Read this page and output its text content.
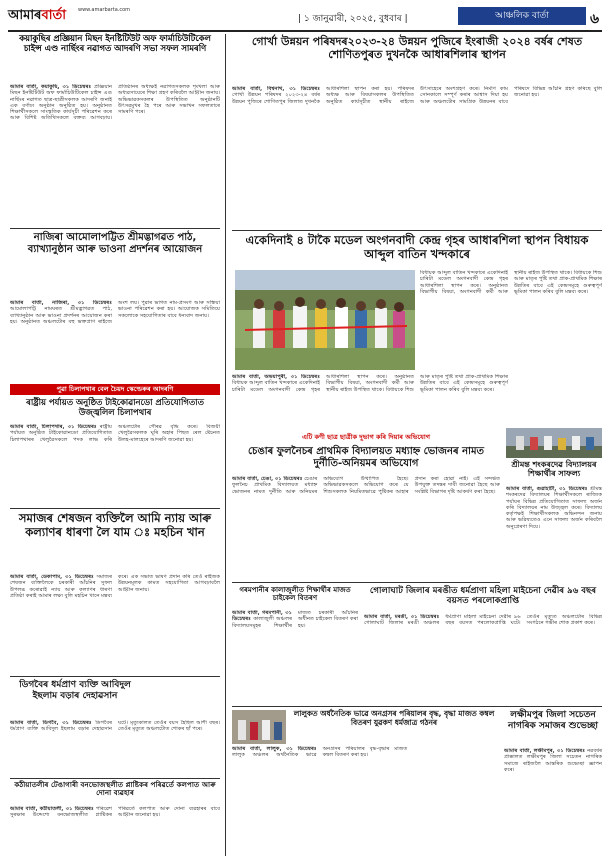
আমাৰবাৰ্তা www.amarbarta.com
| ১ জানুৱাৰী, ২০২৫, বুধবাৰ |	আঞ্চলিক বাৰ্তা	৬
কয়াকুছিৰ প্ৰজ্ঞিয়ান মিছন ইনষ্টিটিউট অফ ফাৰ্মাচিউটিকেল চাইন্স এণ্ড নাৰ্ছিংৰ নৱাগত আদৰণি সভা সফল সামৰণি

আমাৰ বাৰ্তা, কয়াকুছি, ৩১ ডিচেম্বৰঃ প্ৰজ্ঞিয়ান মিছন ইনষ্টিটিউট অফ ফাৰ্মাচিউটিকেল চাইন্স এণ্ড নাৰ্ছিংৰ নৱাগত ছাত্ৰ-ছাত্ৰীসকলক আদৰণি জনাই এক বৰ্ণাঢ্য অনুষ্ঠান অনুষ্ঠিত হয়। অনুষ্ঠানত শিক্ষাৰ্থীসকলে সাংস্কৃতিক কাৰ্যসূচী পৰিৱেশন কৰে আৰু বিশিষ্ট অতিথিসকলে বক্তব্য আগবঢ়ায়। প্ৰতিষ্ঠানৰ অধ্যক্ষই নৱাগতসকলক শৃংখলা আৰু অধ্যৱসায়েৰে শিক্ষা গ্ৰহণ কৰিবলৈ আহ্বান জনায়। অভিভাৱকসকলৰ উপস্থিতিত অনুষ্ঠানটি উৎসৱমুখৰ হৈ পৰে আৰু সভাখন সফলতাৰে সামৰণি পৰে।

নাজিৰা আমোলাপট্টিত শ্ৰীমদ্ভাগৱত পাঠ, ব্যাখ্যানুষ্ঠান আৰু ভাওনা প্ৰদৰ্শনৰ আয়োজন

আমাৰ বাৰ্তা, নাজিৰা, ৩১ ডিচেম্বৰঃ আমোলাপট্টি নামঘৰত শ্ৰীমদ্ভাগৱত পাঠ, ব্যাখ্যানুষ্ঠান আৰু ভাওনা প্ৰদৰ্শনৰ আয়োজন কৰা হয়। অনুষ্ঠানত অঞ্চলটোৰ বহু ভক্তপ্ৰাণ ৰাইজে অংশ লয়। পুৱাৰ ভাগত নাম-প্ৰসংগ আৰু সন্ধিয়া ভাওনা পৰিৱেশন কৰা হয়। আয়োজক সমিতিয়ে সকলোকে সহযোগিতাৰ বাবে ধন্যবাদ জনায়।

পুৱা চিলাপথাৰ বেল চৈয়দ স্কেল্ডেৰুৰ আদৰণি
ৰাষ্ট্ৰীয় পৰ্যায়ত অনুষ্ঠিত টাইকোৱানডো প্ৰতিযোগিতাত উজ্জ্বলিল চিলাপথাৰ

আমাৰ বাৰ্তা, চিলাপথাৰ, ৩১ ডিচেম্বৰঃ ৰাষ্ট্ৰীয় পৰ্যায়ত অনুষ্ঠিত টাইকোৱানডো প্ৰতিযোগিতাত চিলাপথাৰৰ খেলুৱৈসকলে পদক লাভ কৰি অঞ্চলটোৰ গৌৰৱ বৃদ্ধি কৰে। বিজয়ী খেলুৱৈসকলক ঘূৰি অহাৰ পিছত ৰেল ষ্টেচনত উলহ-মালহেৰে আদৰণি জনোৱা হয়।

সমাজৰ শেষজন ব্যক্তিলৈ আমি ন্যায় আৰু কল্যাণৰ ধাৰণা লৈ যাম ঃ মহচিন খান

আমাৰ বাৰ্তা, ডেকাপাম, ৩১ ডিচেম্বৰঃ সমাজৰ শেষজন ব্যক্তিলৈকে চৰকাৰী আঁচনিৰ সুফল উপলব্ধ কৰোৱাই ন্যায় আৰু কল্যাণৰ ধাৰণা প্ৰতিষ্ঠা কৰাই আমাৰ লক্ষ্য বুলি মহচিন খানে মন্তব্য কৰে। এক সভাত ভাষণ প্ৰদান কৰি তেওঁ ৰাইজক উন্নয়নমূলক কামত সহযোগিতা আগবঢ়াবলৈ আহ্বান জনায়।

ডিগবৈৰ ধৰ্মপ্ৰাণ ব্যক্তি আবিদুল ইছলাম বড়াৰ দেহাৱসান

আমাৰ বাৰ্তা, ডিগবৈ, ৩১ ডিচেম্বৰঃ ডিগবৈৰ ধৰ্মপ্ৰাণ ব্যক্তি আবিদুল ইছলাম বড়াৰ দেহাৱসান ঘটে। মৃত্যুকালত তেওঁৰ বয়স হৈছিল আশী বছৰ। তেওঁৰ মৃত্যুত অঞ্চলটোত শোকৰ ছাঁ পৰে।

কঠীয়াতলীৰ টেঙাগাৰী বনভোজস্থলীত প্লাষ্টিকৰ পৰিৱৰ্তে কলপাত আৰু দোনা ব্যৱহাৰ

আমাৰ বাৰ্তা, কঠীয়াতলী, ৩১ ডিচেম্বৰঃ পৰিৱেশ সুৰক্ষাৰ উদ্দেশ্যে বনভোজস্থলীত প্লাষ্টিকৰ পৰিৱৰ্তে কলপাত আৰু দোনা ব্যৱহাৰৰ বাবে আহ্বান জনোৱা হয়।

গোৰ্খা উন্নয়ন পৰিষদৰ২০২৩-২৪ উন্নয়ন পুজিৰে ইংৰাজী ২০২৪ বৰ্ষৰ শেষত শোণিতপুৰত দুখনকৈ আধাৰশিলাৰ স্থাপন

আমাৰ বাৰ্তা, বিশ্বনাথ, ৩১ ডিচেম্বৰঃ গোৰ্খা উন্নয়ন পৰিষদৰ ২০২৩-২৪ বৰ্ষৰ উন্নয়ন পুজিৰে শোণিতপুৰ জিলাত দুখনকৈ আধাৰশিলা স্থাপন কৰা হয়। পৰিষদৰ অধ্যক্ষ আৰু বিষয়াসকলৰ উপস্থিতিত অনুষ্ঠিত কাৰ্যসূচীত স্থানীয় ৰাইজে উৎসাহেৰে অংশগ্ৰহণ কৰে। নিৰ্মাণ কাম সোনকালে সম্পূৰ্ণ কৰাৰ আশ্বাস দিয়া হয় আৰু অঞ্চলটোৰ সামগ্ৰিক উন্নয়নৰ বাবে পৰিষদে বিভিন্ন আঁচনি গ্ৰহণ কৰিছে বুলি জনোৱা হয়।

একেদিনাই ৪ টাকৈ মডেল অংগনবাদী কেন্দ্ৰ গৃহৰ আধাৰশিলা স্থাপন বিধায়ক আব্দুল বাতিন খন্দকাৰে

বিধায়ক আব্দুল বাতিন খন্দকাৰে একেদিনাই চাৰিটা মডেল অংগনবাদী কেন্দ্ৰ গৃহৰ আধাৰশিলা স্থাপন কৰে। অনুষ্ঠানত বিভাগীয় বিষয়া, অংগনবাদী কৰ্মী আৰু স্থানীয় ৰাইজ উপস্থিত থাকে। বিধায়কে শিশু আৰু মাতৃৰ পুষ্টি তথা প্ৰাক-প্ৰাথমিক শিক্ষাৰ উন্নতিৰ বাবে এই কেন্দ্ৰসমূহে গুৰুত্বপূৰ্ণ ভূমিকা পালন কৰিব বুলি মন্তব্য কৰে।

আমাৰ বাৰ্তা, অভয়াপুৰী, ৩১ ডিচেম্বৰঃ বিধায়ক আব্দুল বাতিন খন্দকাৰে একেদিনাই চাৰিটা মডেল অংগনবাদী কেন্দ্ৰ গৃহৰ আধাৰশিলা স্থাপন কৰে। অনুষ্ঠানত বিভাগীয় বিষয়া, অংগনবাদী কৰ্মী আৰু স্থানীয় ৰাইজ উপস্থিত থাকে। বিধায়কে শিশু আৰু মাতৃৰ পুষ্টি তথা প্ৰাক-প্ৰাথমিক শিক্ষাৰ উন্নতিৰ বাবে এই কেন্দ্ৰসমূহে গুৰুত্বপূৰ্ণ ভূমিকা পালন কৰিব বুলি মন্তব্য কৰে।

শ্ৰীমন্ত শংকৰদেৱ বিদ্যালয়ৰ শিক্ষাৰ্থীৰ সাফল্য

আমাৰ বাৰ্তা, গুৱাহাটী, ৩১ ডিচেম্বৰঃ শ্ৰীমন্ত শংকৰদেৱ বিদ্যালয়ৰ শিক্ষাৰ্থীসকলে ৰাজ্যিক পৰ্যায়ৰ বিভিন্ন প্ৰতিযোগিতাত সাফল্য অৰ্জন কৰি বিদ্যালয়ৰ নাম উজ্জ্বল কৰে। বিদ্যালয় কৰ্তৃপক্ষই শিক্ষাৰ্থীসকলক অভিনন্দন জনায় আৰু ভৱিষ্যতেও এনে সাফল্য অৰ্জন কৰিবলৈ অনুপ্ৰেৰণা দিয়ে।

এটি কণী ছাত্ৰ ছাত্ৰীক দুভাগ কৰি দিয়াৰ অভিযোগ
চেঙাৰ ফুলনৈচৰ প্ৰাথমিক বিদ্যালয়ত মধ্যাহ্ন ভোজনৰ নামত দুৰ্নীতি-অনিয়মৰ অভিযোগ

আমাৰ বাৰ্তা, চেঙা, ৩১ ডিচেম্বৰঃ চেঙাৰ ফুলনৈচ প্ৰাথমিক বিদ্যালয়ত মধ্যাহ্ন ভোজনৰ নামত দুৰ্নীতি আৰু অনিয়মৰ অভিযোগ উত্থাপিত হৈছে। অভিভাৱকসকলে অভিযোগ কৰে যে শিশুসকলক নিয়মিতভাৱে পুষ্টিকৰ আহাৰ প্ৰদান কৰা হোৱা নাই। এই সন্দৰ্ভত উপযুক্ত তদন্তৰ দাবী জনোৱা হৈছে আৰু সংশ্লিষ্ট বিভাগৰ দৃষ্টি আকৰ্ষণ কৰা হৈছে।

গৰমপানীৰ কালাজুলীত শিক্ষাৰ্থীৰ মাজত চাইকেল বিতৰণ

আমাৰ বাৰ্তা, গৰমপানী, ৩১ ডিচেম্বৰঃ কালাজুলী অঞ্চলৰ বিদ্যালয়সমূহৰ শিক্ষাৰ্থীৰ মাজত চৰকাৰী আঁচনিৰ অধীনত চাইকেল বিতৰণ কৰা হয়।

গোলাঘাট জিলাৰ মৰঙীত ধৰ্মপ্ৰাণা মহিলা মাইচেনা দেৱীৰ ৯৬ বছৰ বয়সত পৰলোকপ্ৰাপ্তি

আমাৰ বাৰ্তা, মৰঙী, ৩১ ডিচেম্বৰঃ গোলাঘাট জিলাৰ মৰঙী অঞ্চলৰ ধৰ্মপ্ৰাণা মহিলা মাইচেনা দেৱীৰ ৯৬ বছৰ বয়সত পৰলোকপ্ৰাপ্তি ঘটে। তেওঁৰ মৃত্যুত অঞ্চলটোৰ বিভিন্ন সংগঠনে গভীৰ শোক প্ৰকাশ কৰে।

লালুকত অৰ্ধনৈতিক ভাৱে অনগ্ৰসৰ পৰিয়ালৰ বৃদ্ধ, বৃদ্ধা মাজত কম্বল বিতৰণ যুৱকণ ধৰ্মজাত্ৰ গঠনৰ

আমাৰ বাৰ্তা, লালুক, ৩১ ডিচেম্বৰঃ লালুক অঞ্চলৰ অৰ্থনৈতিক ভাৱে অনগ্ৰসৰ পৰিয়ালৰ বৃদ্ধ-বৃদ্ধাৰ মাজত কম্বল বিতৰণ কৰা হয়।

লক্ষীমপুৰ জিলা সচেতন নাগৰিক সমাজৰ শুভেচ্ছা

আমাৰ বাৰ্তা, লক্ষীমপুৰ, ৩১ ডিচেম্বৰঃ নৱবৰ্ষৰ প্ৰাক্কালত লক্ষীমপুৰ জিলা সচেতন নাগৰিক সমাজে ৰাইজলৈ আন্তৰিক শুভেচ্ছা জ্ঞাপন কৰে।
